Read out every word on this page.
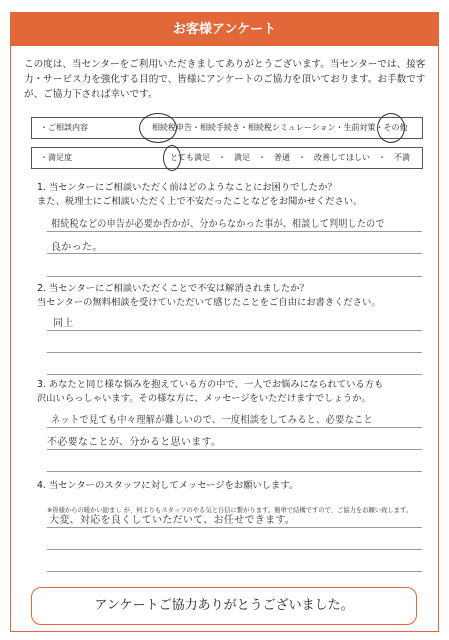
お客様アンケート
この度は、当センターをご利用いただきましてありがとうございます。当センターでは、接客力・サービス力を強化する目的で、皆様にアンケートのご協力を頂いております。お手数ですが、ご協力下されば幸いです。
・ご相談内容	相続税申告・相続手続き・相続税シミュレーション・生前対策・その他
・満足度	とても満足　・　満足　・　普通　・　改善してほしい　・　不満
1. 当センターにご相談いただく前はどのようなことにお困りでしたか？
また、税理士にご相談いただく上で不安だったことなどをお聞かせください。
相続税などの申告が必要か否かが、分からなかった事が、相談して判明したので
良かった。
2. 当センターにご相談いただくことで不安は解消されましたか？
当センターの無料相談を受けていただいて感じたことをご自由にお書きください。
同上
3. あなたと同じ様な悩みを抱えている方の中で、一人でお悩みになられている方も
沢山いらっしゃいます。その様な方に、メッセージをいただけますでしょうか。
ネットで見ても中々理解が難しいので、一度相談をしてみると、必要なこと
不必要なことが、分かると思います。
4. 当センターのスタッフに対してメッセージをお願いします。
※皆様からの暖かい励まし が、何よりもスタッフのやる気と自信に繋がります。簡単で結構ですので、ご協力をお願い致します。
大変、対応を良くしていただいて、お任せできます。
アンケートご協力ありがとうございました。
